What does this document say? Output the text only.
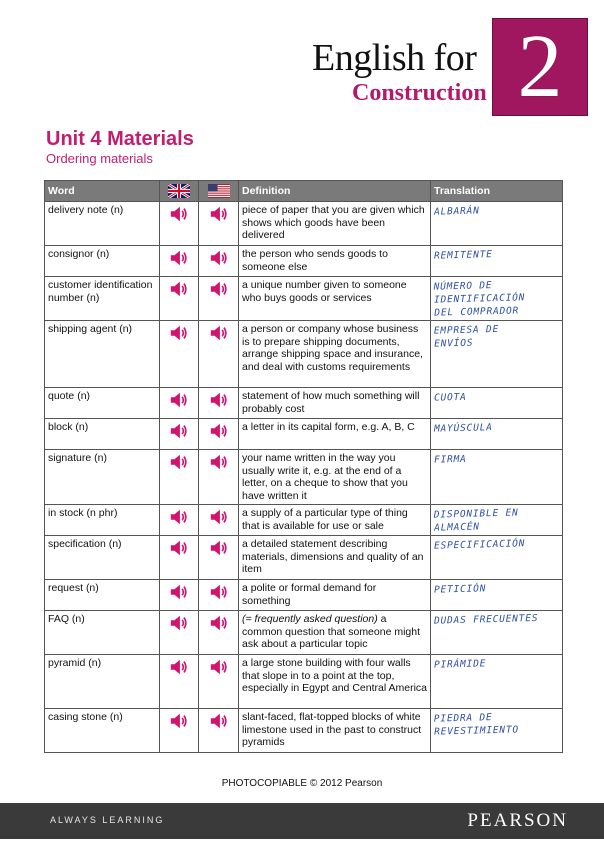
English for
Construction 2
Unit 4 Materials

Ordering materials

Word			Definition	Translation
delivery note (n)			piece of paper that you are given which shows which goods have been delivered	ALBARÁN

consignor (n)			the person who sends goods to someone else	REMITENTE

customer identification number (n)			a unique number given to someone who buys goods or services	NÚMERO DE
IDENTIFICACIÓN
DEL COMPRADOR

shipping agent (n)			a person or company whose business is to prepare shipping documents, arrange shipping space and insurance, and deal with customs requirements	EMPRESA DE
ENVÍOS

quote (n)			statement of how much something will probably cost	CUOTA

block (n)			a letter in its capital form, e.g. A, B, C	MAYÚSCULA

signature (n)			your name written in the way you usually write it, e.g. at the end of a letter, on a cheque to show that you have written it	FIRMA

in stock (n phr)			a supply of a particular type of thing that is available for use or sale	DISPONIBLE EN
ALMACÉN

specification (n)			a detailed statement describing materials, dimensions and quality of an item	ESPECIFICACIÓN

request (n)			a polite or formal demand for something	PETICIÓN

FAQ (n)			(= frequently asked question) a common question that someone might ask about a particular topic	DUDAS FRECUENTES

pyramid (n)			a large stone building with four walls that slope in to a point at the top, especially in Egypt and Central America	PIRÁMIDE

casing stone (n)			slant-faced, flat-topped blocks of white limestone used in the past to construct pyramids	PIEDRA DE
REVESTIMIENTO

PHOTOCOPIABLE © 2012 Pearson

ALWAYS LEARNING	PEARSON
